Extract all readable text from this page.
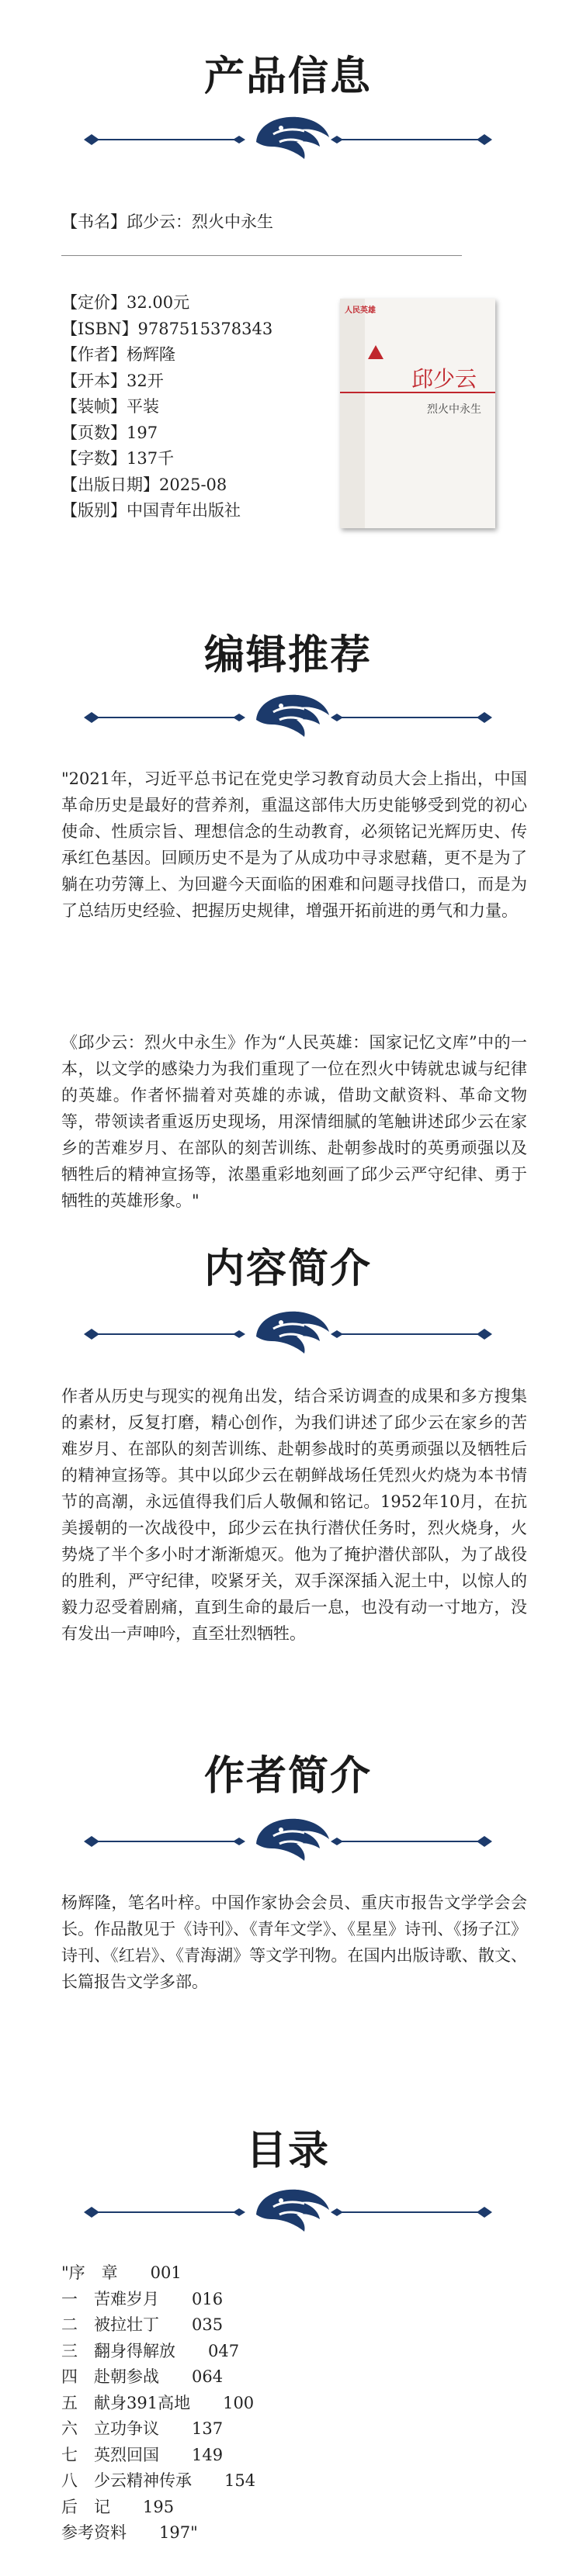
产品信息
【书名】邱少云：烈火中永生
【定价】32.00元
【ISBN】9787515378343
【作者】杨辉隆
【开本】32开
【装帧】平装
【页数】197
【字数】137千
【出版日期】2025-08
【版别】中国青年出版社
人民英雄
邱少云
烈火中永生
编辑推荐
"2021年，习近平总书记在党史学习教育动员大会上指出，中国革命历史是最好的营养剂，重温这部伟大历史能够受到党的初心使命、性质宗旨、理想信念的生动教育，必须铭记光辉历史、传承红色基因。回顾历史不是为了从成功中寻求慰藉，更不是为了躺在功劳簿上、为回避今天面临的困难和问题寻找借口，而是为了总结历史经验、把握历史规律，增强开拓前进的勇气和力量。
《邱少云：烈火中永生》作为“人民英雄：国家记忆文库”中的一本，以文学的感染力为我们重现了一位在烈火中铸就忠诚与纪律的英雄。作者怀揣着对英雄的赤诚，借助文献资料、革命文物等，带领读者重返历史现场，用深情细腻的笔触讲述邱少云在家乡的苦难岁月、在部队的刻苦训练、赴朝参战时的英勇顽强以及牺牲后的精神宣扬等，浓墨重彩地刻画了邱少云严守纪律、勇于牺牲的英雄形象。"
内容简介
作者从历史与现实的视角出发，结合采访调查的成果和多方搜集的素材，反复打磨，精心创作，为我们讲述了邱少云在家乡的苦难岁月、在部队的刻苦训练、赴朝参战时的英勇顽强以及牺牲后的精神宣扬等。其中以邱少云在朝鲜战场任凭烈火灼烧为本书情节的高潮，永远值得我们后人敬佩和铭记。1952年10月，在抗美援朝的一次战役中，邱少云在执行潜伏任务时，烈火烧身，火势烧了半个多小时才渐渐熄灭。他为了掩护潜伏部队，为了战役的胜利，严守纪律，咬紧牙关，双手深深插入泥土中，以惊人的毅力忍受着剧痛，直到生命的最后一息，也没有动一寸地方，没有发出一声呻吟，直至壮烈牺牲。
作者简介
杨辉隆，笔名叶梓。中国作家协会会员、重庆市报告文学学会会长。作品散见于《诗刊》、《青年文学》、《星星》诗刊、《扬子江》诗刊、《红岩》、《青海湖》等文学刊物。在国内出版诗歌、散文、长篇报告文学多部。
目录
"序　章　　001
一　苦难岁月　　016
二　被拉壮丁　　035
三　翻身得解放　　047
四　赴朝参战　　064
五　献身391高地　　100
六　立功争议　　137
七　英烈回国　　149
八　少云精神传承　　154
后　记　　195
参考资料　　197"
